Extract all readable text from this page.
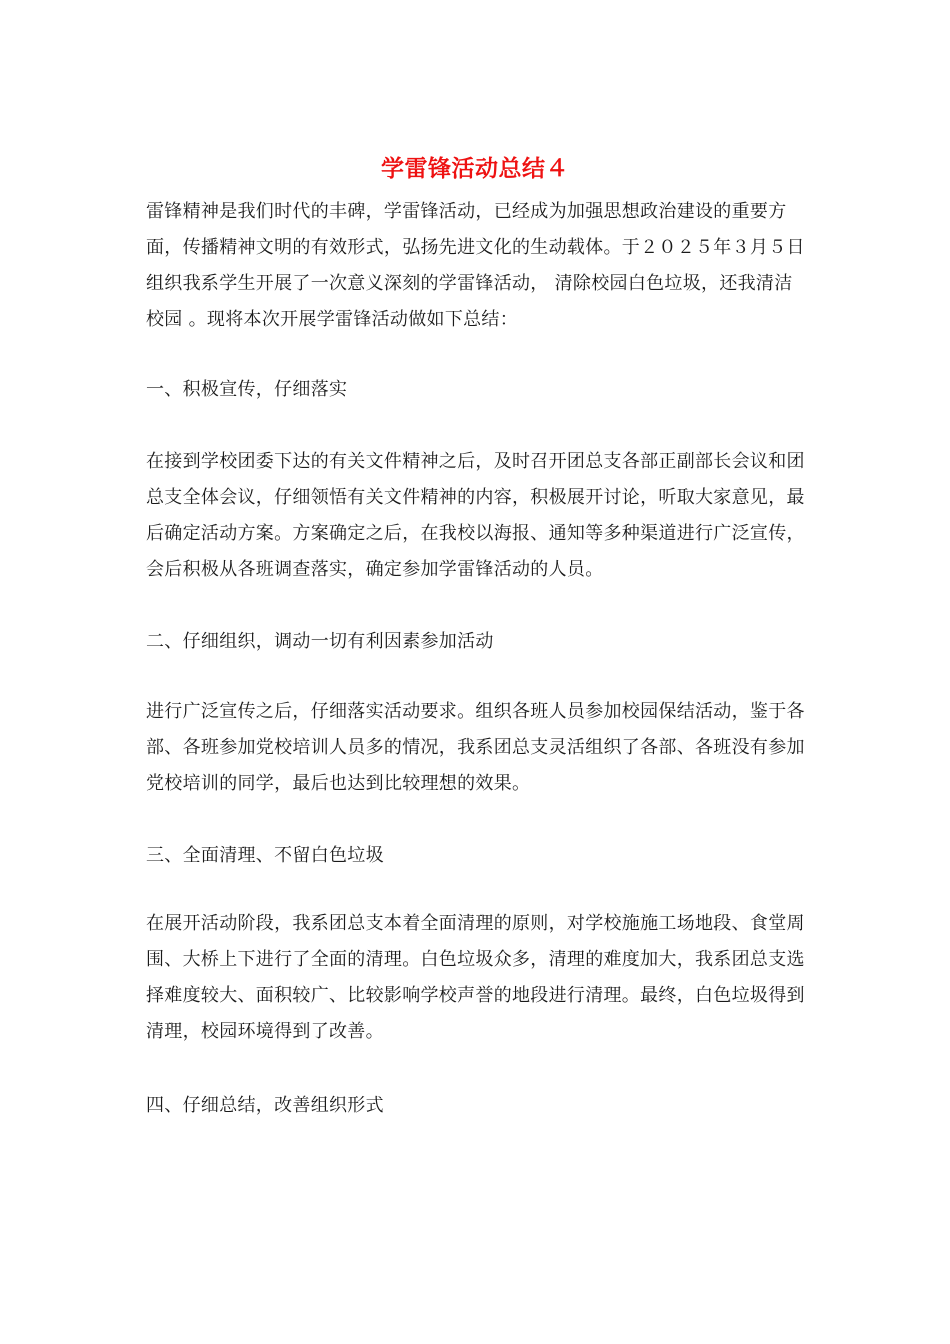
学雷锋活动总结４

雷锋精神是我们时代的丰碑，学雷锋活动，已经成为加强思想政治建设的重要方面，传播精神文明的有效形式，弘扬先进文化的生动载体。于２０２５年３月５日组织我系学生开展了一次意义深刻的学雷锋活动， 清除校园白色垃圾，还我清洁校园 。现将本次开展学雷锋活动做如下总结：

一、积极宣传，仔细落实

在接到学校团委下达的有关文件精神之后，及时召开团总支各部正副部长会议和团总支全体会议，仔细领悟有关文件精神的内容，积极展开讨论，听取大家意见，最后确定活动方案。方案确定之后，在我校以海报、通知等多种渠道进行广泛宣传，会后积极从各班调查落实，确定参加学雷锋活动的人员。

二、仔细组织，调动一切有利因素参加活动

进行广泛宣传之后，仔细落实活动要求。组织各班人员参加校园保结活动，鉴于各部、各班参加党校培训人员多的情况，我系团总支灵活组织了各部、各班没有参加党校培训的同学，最后也达到比较理想的效果。

三、全面清理、不留白色垃圾

在展开活动阶段，我系团总支本着全面清理的原则，对学校施施工场地段、食堂周围、大桥上下进行了全面的清理。白色垃圾众多，清理的难度加大，我系团总支选择难度较大、面积较广、比较影响学校声誉的地段进行清理。最终，白色垃圾得到清理，校园环境得到了改善。

四、仔细总结，改善组织形式
